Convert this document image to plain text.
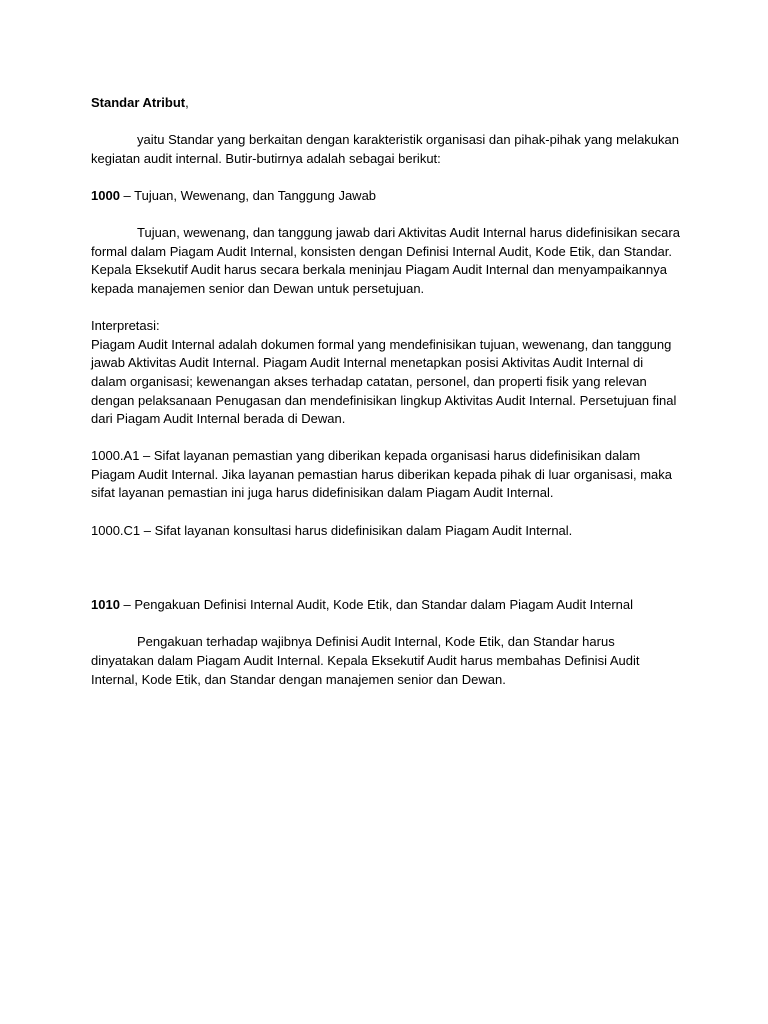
Standar Atribut,

yaitu Standar yang berkaitan dengan karakteristik organisasi dan pihak-pihak yang melakukan kegiatan audit internal. Butir-butirnya adalah sebagai berikut:

1000 – Tujuan, Wewenang, dan Tanggung Jawab

Tujuan, wewenang, dan tanggung jawab dari Aktivitas Audit Internal harus didefinisikan secara formal dalam Piagam Audit Internal, konsisten dengan Definisi Internal Audit, Kode Etik, dan Standar. Kepala Eksekutif Audit harus secara berkala meninjau Piagam Audit Internal dan menyampaikannya kepada manajemen senior dan Dewan untuk persetujuan.

Interpretasi:

Piagam Audit Internal adalah dokumen formal yang mendefinisikan tujuan, wewenang, dan tanggung jawab Aktivitas Audit Internal. Piagam Audit Internal menetapkan posisi Aktivitas Audit Internal di dalam organisasi; kewenangan akses terhadap catatan, personel, dan properti fisik yang relevan dengan pelaksanaan Penugasan dan mendefinisikan lingkup Aktivitas Audit Internal. Persetujuan final dari Piagam Audit Internal berada di Dewan.

1000.A1 – Sifat layanan pemastian yang diberikan kepada organisasi harus didefinisikan dalam Piagam Audit Internal. Jika layanan pemastian harus diberikan kepada pihak di luar organisasi, maka sifat layanan pemastian ini juga harus didefinisikan dalam Piagam Audit Internal.

1000.C1 – Sifat layanan konsultasi harus didefinisikan dalam Piagam Audit Internal.

1010 – Pengakuan Definisi Internal Audit, Kode Etik, dan Standar dalam Piagam Audit Internal

Pengakuan terhadap wajibnya Definisi Audit Internal, Kode Etik, dan Standar harus dinyatakan dalam Piagam Audit Internal. Kepala Eksekutif Audit harus membahas Definisi Audit Internal, Kode Etik, dan Standar dengan manajemen senior dan Dewan.
